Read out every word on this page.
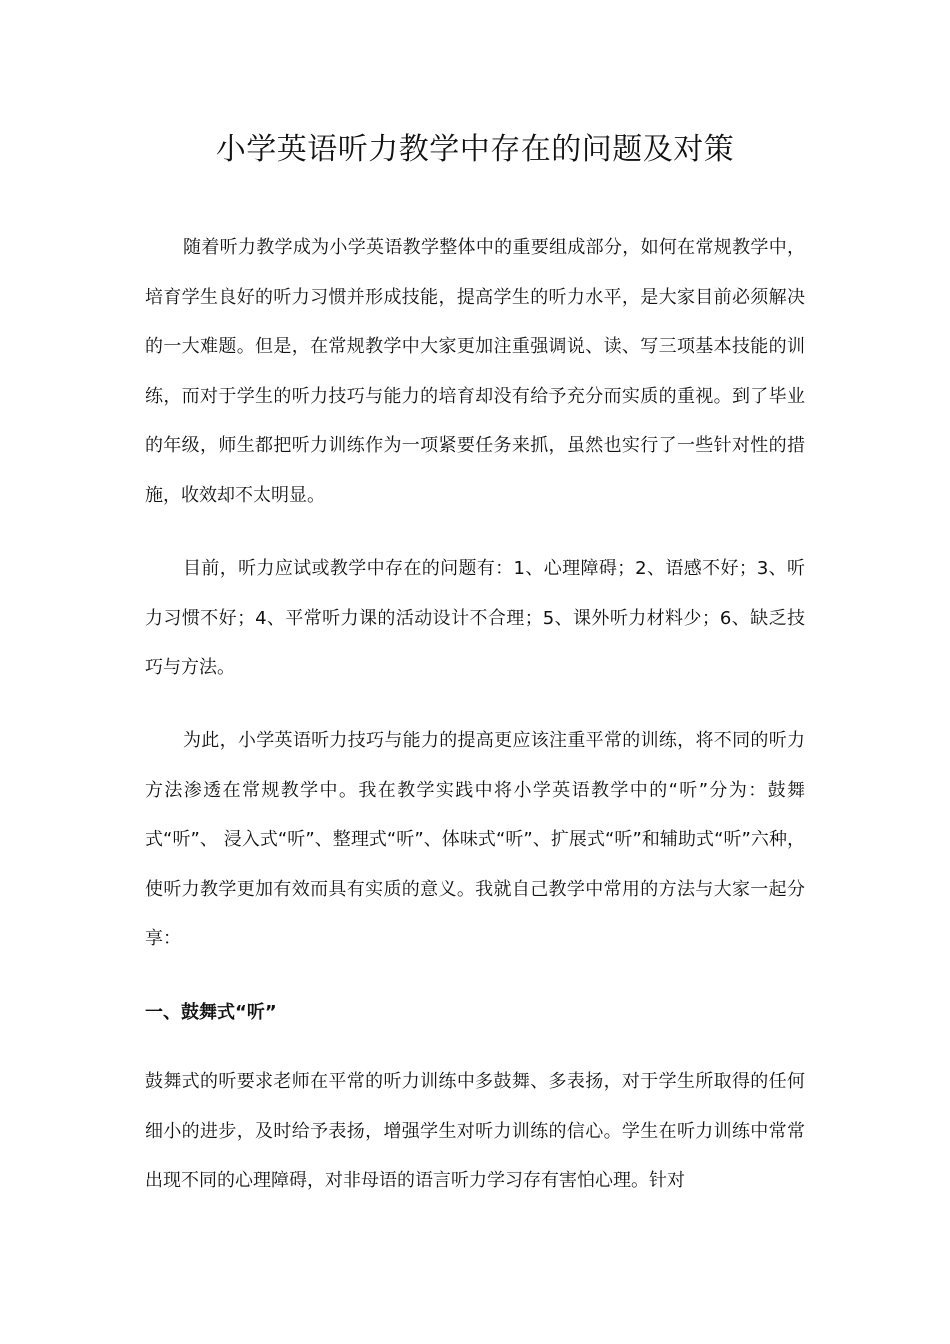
小学英语听力教学中存在的问题及对策

随着听力教学成为小学英语教学整体中的重要组成部分，如何在常规教学中，培育学生良好的听力习惯并形成技能，提高学生的听力水平，是大家目前必须解决的一大难题。但是，在常规教学中大家更加注重强调说、读、写三项基本技能的训练，而对于学生的听力技巧与能力的培育却没有给予充分而实质的重视。到了毕业的年级，师生都把听力训练作为一项紧要任务来抓，虽然也实行了一些针对性的措施，收效却不太明显。

目前，听力应试或教学中存在的问题有：1、心理障碍；2、语感不好；3、听力习惯不好；4、平常听力课的活动设计不合理；5、课外听力材料少；6、缺乏技巧与方法。

为此，小学英语听力技巧与能力的提高更应该注重平常的训练，将不同的听力方法渗透在常规教学中。我在教学实践中将小学英语教学中的“听”分为：鼓舞式“听”、 浸入式“听”、整理式“听”、体味式“听”、扩展式“听”和辅助式“听”六种，使听力教学更加有效而具有实质的意义。我就自己教学中常用的方法与大家一起分享：

一、鼓舞式“听”

鼓舞式的听要求老师在平常的听力训练中多鼓舞、多表扬，对于学生所取得的任何细小的进步，及时给予表扬，增强学生对听力训练的信心。学生在听力训练中常常出现不同的心理障碍，对非母语的语言听力学习存有害怕心理。针对
